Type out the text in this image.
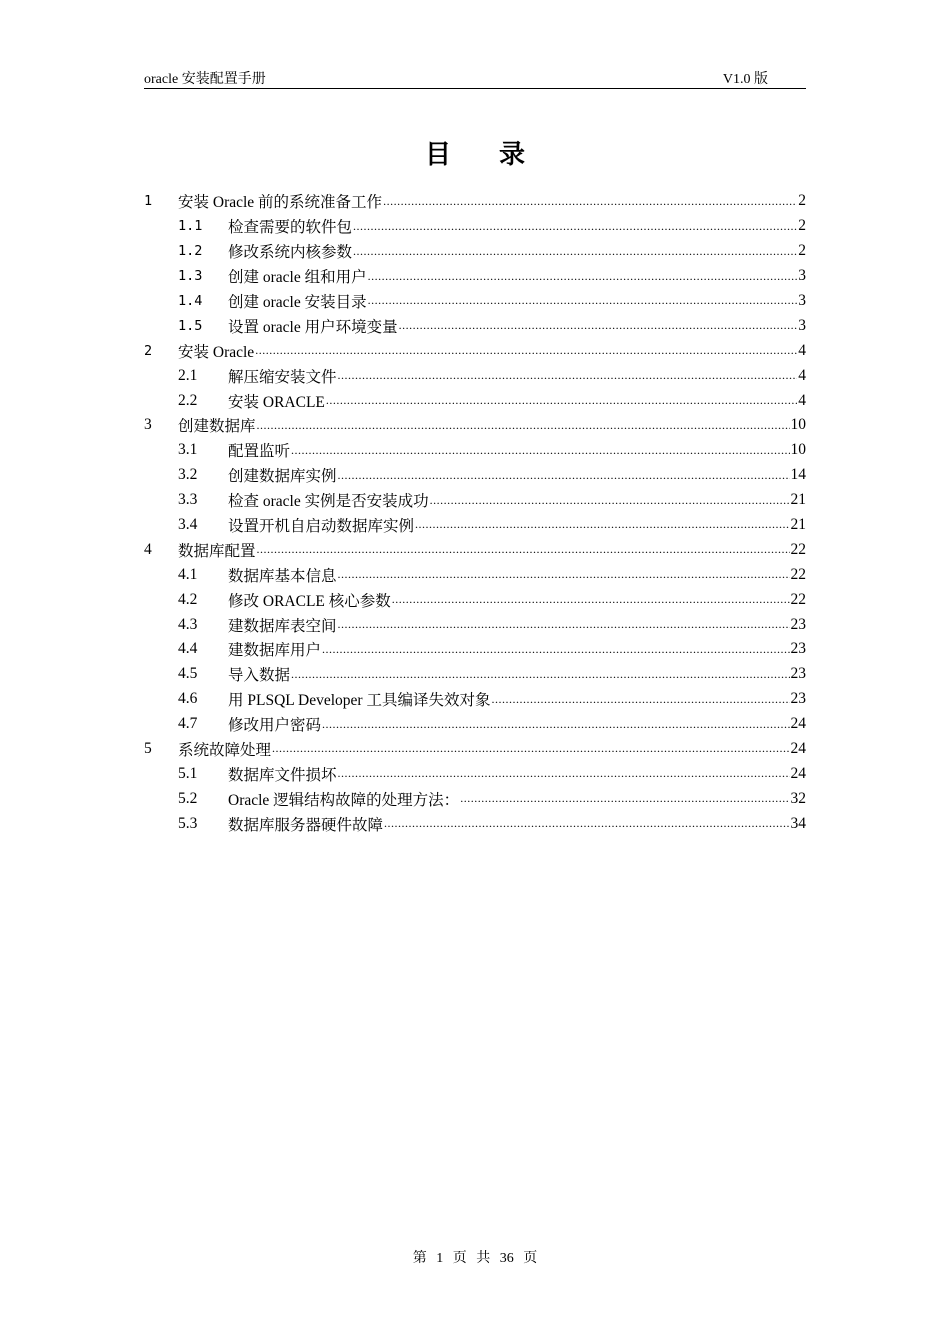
oracle 安装配置手册	V1.0 版
目录
1	安装 Oracle 前的系统准备工作 .....	2
1.1	检查需要的软件包 .....	2
1.2	修改系统内核参数 .....	2
1.3	创建 oracle 组和用户 .....	3
1.4	创建 oracle 安装目录 .....	3
1.5	设置 oracle 用户环境变量 .....	3
2	安装 Oracle .....	4
2.1	解压缩安装文件 .....	4
2.2	安装 ORACLE .....	4
3	创建数据库 .....	10
3.1	配置监听 .....	10
3.2	创建数据库实例 .....	14
3.3	检查 oracle 实例是否安装成功 .....	21
3.4	设置开机自启动数据库实例 .....	21
4	数据库配置 .....	22
4.1	数据库基本信息 .....	22
4.2	修改 ORACLE 核心参数 .....	22
4.3	建数据库表空间 .....	23
4.4	建数据库用户 .....	23
4.5	导入数据 .....	23
4.6	用 PLSQL Developer 工具编译失效对象 .....	23
4.7	修改用户密码 .....	24
5	系统故障处理 .....	24
5.1	数据库文件损坏 .....	24
5.2	Oracle 逻辑结构故障的处理方法： .....	32
5.3	数据库服务器硬件故障 .....	34
第 1 页 共 36 页
